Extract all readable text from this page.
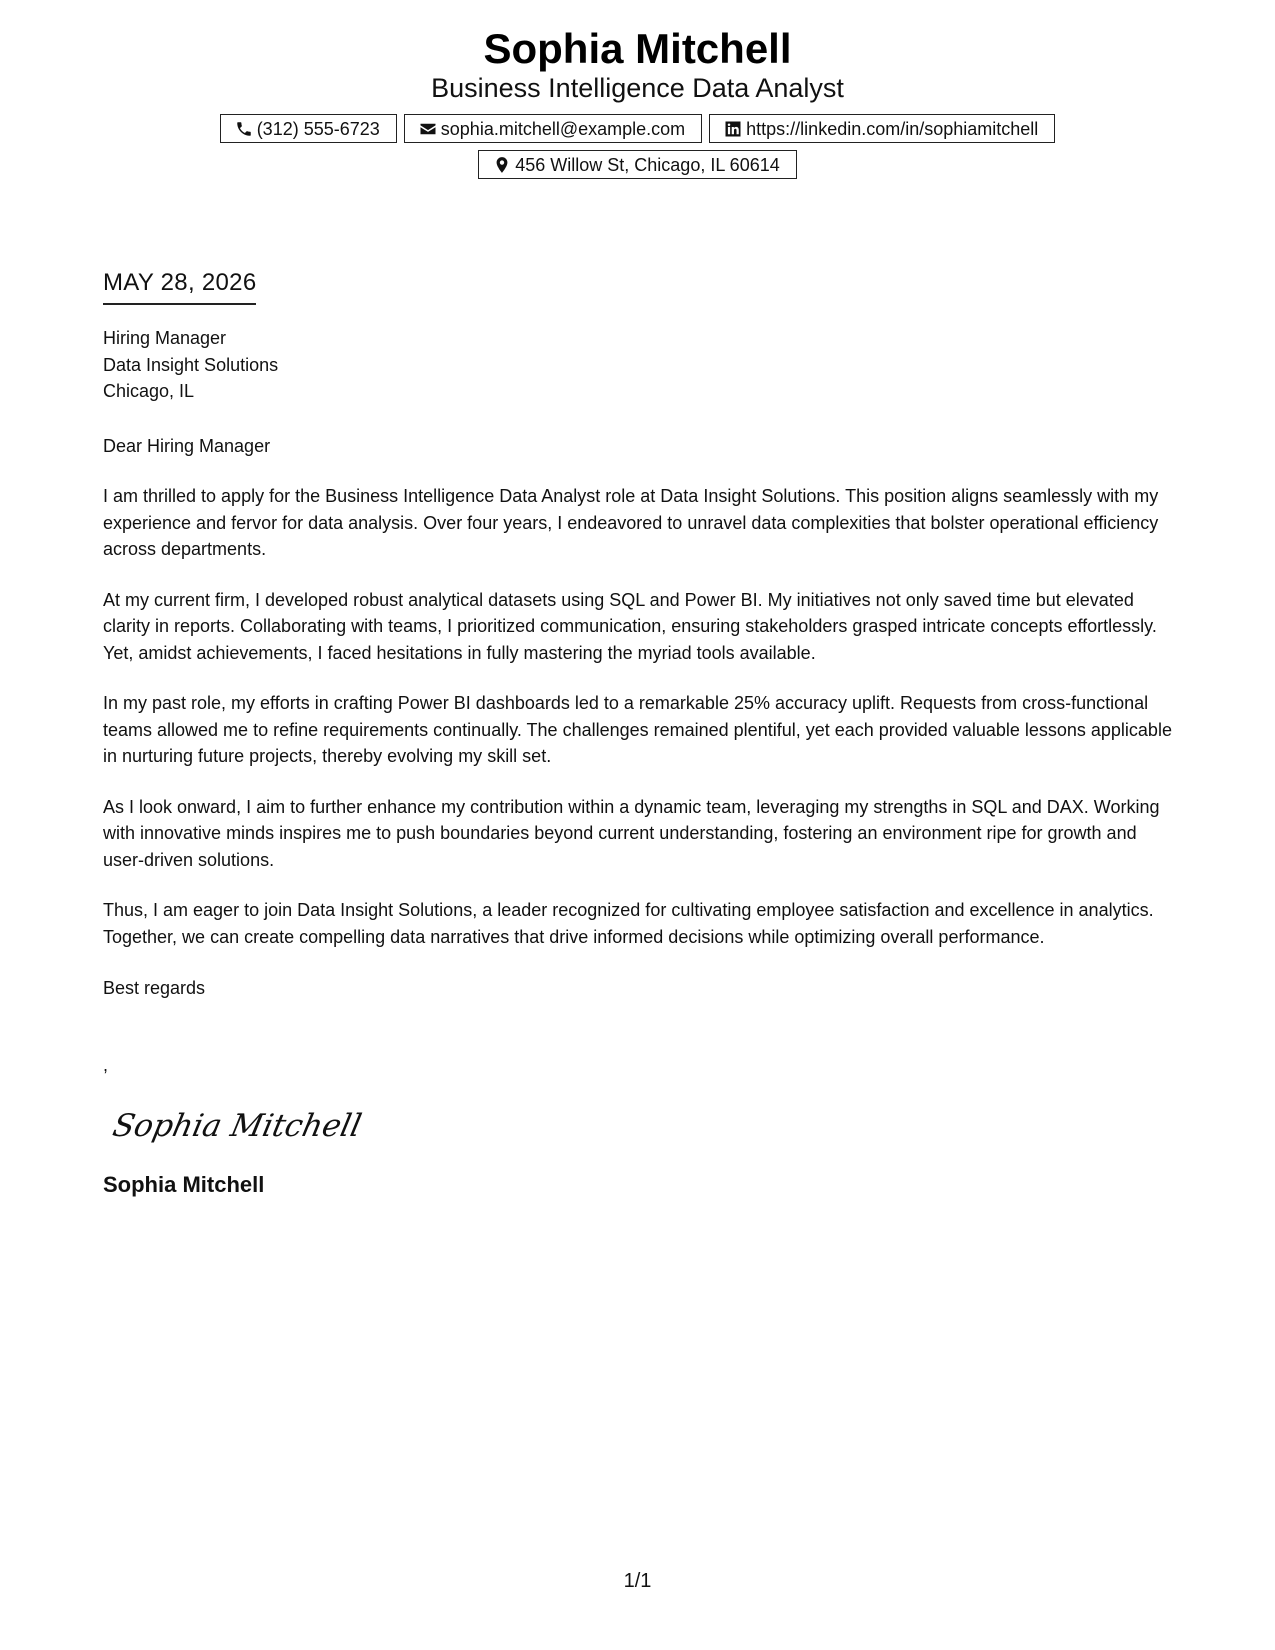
Sophia Mitchell
Business Intelligence Data Analyst
(312) 555-6723	sophia.mitchell@example.com	https://linkedin.com/in/sophiamitchell
456 Willow St, Chicago, IL 60614
MAY 28, 2026
Hiring Manager
Data Insight Solutions
Chicago, IL
Dear Hiring Manager
I am thrilled to apply for the Business Intelligence Data Analyst role at Data Insight Solutions. This position aligns seamlessly with my experience and fervor for data analysis. Over four years, I endeavored to unravel data complexities that bolster operational efficiency across departments.
At my current firm, I developed robust analytical datasets using SQL and Power BI. My initiatives not only saved time but elevated clarity in reports. Collaborating with teams, I prioritized communication, ensuring stakeholders grasped intricate concepts effortlessly. Yet, amidst achievements, I faced hesitations in fully mastering the myriad tools available.
In my past role, my efforts in crafting Power BI dashboards led to a remarkable 25% accuracy uplift. Requests from cross-functional teams allowed me to refine requirements continually. The challenges remained plentiful, yet each provided valuable lessons applicable in nurturing future projects, thereby evolving my skill set.
As I look onward, I aim to further enhance my contribution within a dynamic team, leveraging my strengths in SQL and DAX. Working with innovative minds inspires me to push boundaries beyond current understanding, fostering an environment ripe for growth and user-driven solutions.
Thus, I am eager to join Data Insight Solutions, a leader recognized for cultivating employee satisfaction and excellence in analytics. Together, we can create compelling data narratives that drive informed decisions while optimizing overall performance.
Best regards
,
Sophia Mitchell
Sophia Mitchell
1/1
